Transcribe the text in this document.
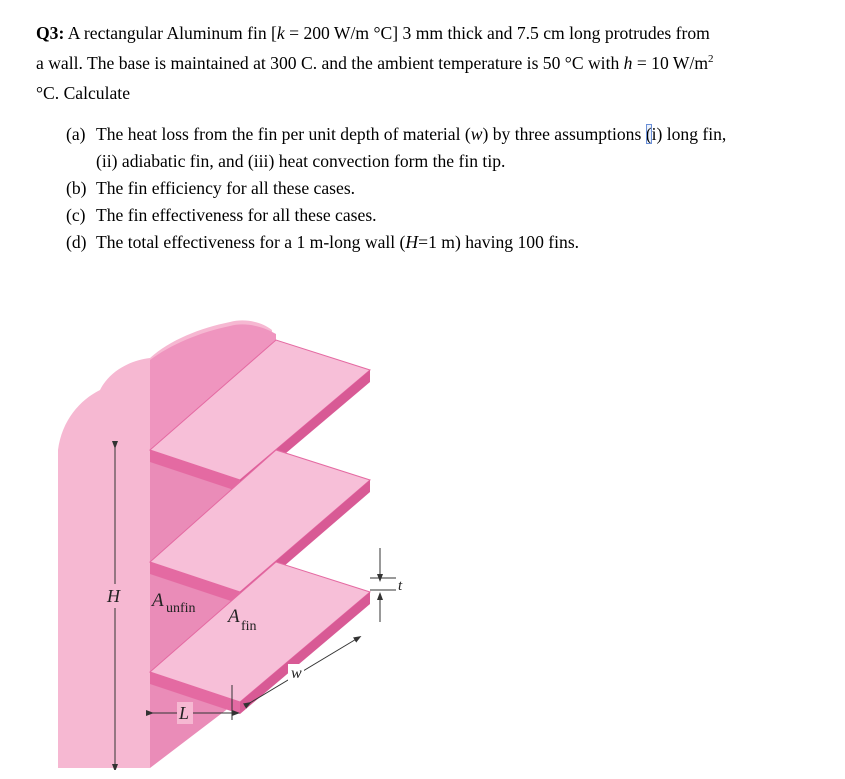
Q3: A rectangular Aluminum fin [k = 200 W/m °C] 3 mm thick and 7.5 cm long protrudes from
a wall. The base is maintained at 300 C. and the ambient temperature is 50 °C with h = 10 $W/m^2$
°C. Calculate
(a) The heat loss from the fin per unit depth of material (w) by three assumptions (i) long fin,
(ii) adiabatic fin, and (iii) heat convection form the fin tip.
(b) The fin efficiency for all these cases.
(c) The fin effectiveness for all these cases.
(d) The total effectiveness for a 1 m-long wall (H=1 m) having 100 fins.
H A unfin A fin
L
w
t
